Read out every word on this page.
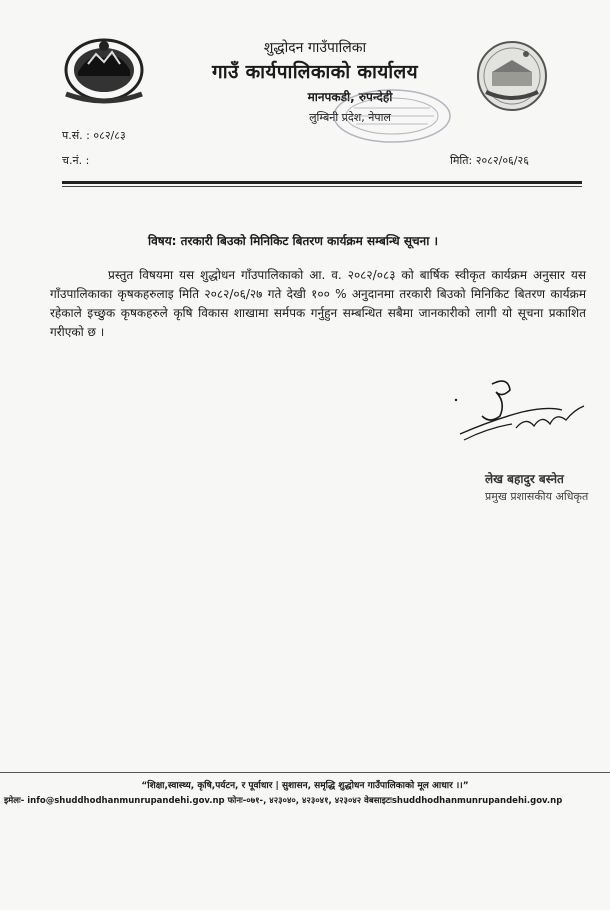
शुद्धोदन गाउँपालिका
गाउँ कार्यपालिकाको कार्यालय
मानपकडी, रुपन्देही
लुम्बिनी प्रदेश, नेपाल
प.सं. : ०८२/८३
च.नं. :	मिति: २०८२/०६/२६
विषय: तरकारी बिउको मिनिकिट बितरण कार्यक्रम सम्बन्धि सूचना ।
प्रस्तुत विषयमा यस शुद्धोधन गाँउपालिकाको आ. व. २०८२/०८३ को बार्षिक स्वीकृत कार्यक्रम अनुसार यस गाँउपालिकाका कृषकहरुलाइ मिति २०८२/०६/२७ गते देखी १०० % अनुदानमा तरकारी बिउको मिनिकिट बितरण कार्यक्रम रहेकाले इच्छुक कृषकहरुले कृषि विकास शाखामा सर्मपक गर्नुहुन सम्बन्धित सबैमा जानकारीको लागी यो सूचना प्रकाशित गरीएको छ ।
लेख बहादुर बस्नेत
प्रमुख प्रशासकीय अधिकृत
“शिक्षा,स्वास्थ्य, कृषि,पर्यटन, र पूर्वाधार | सुशासन, समृद्धि शुद्धोधन गाउँपालिकाको मूल आधार ।।”
इमेलः- info@shuddhodhanmunrupandehi.gov.np फोनः-०७१-, ४२३०४०, ४२३०४१, ४२३०४२ वेबसाइटःshuddhodhanmunrupandehi.gov.np
